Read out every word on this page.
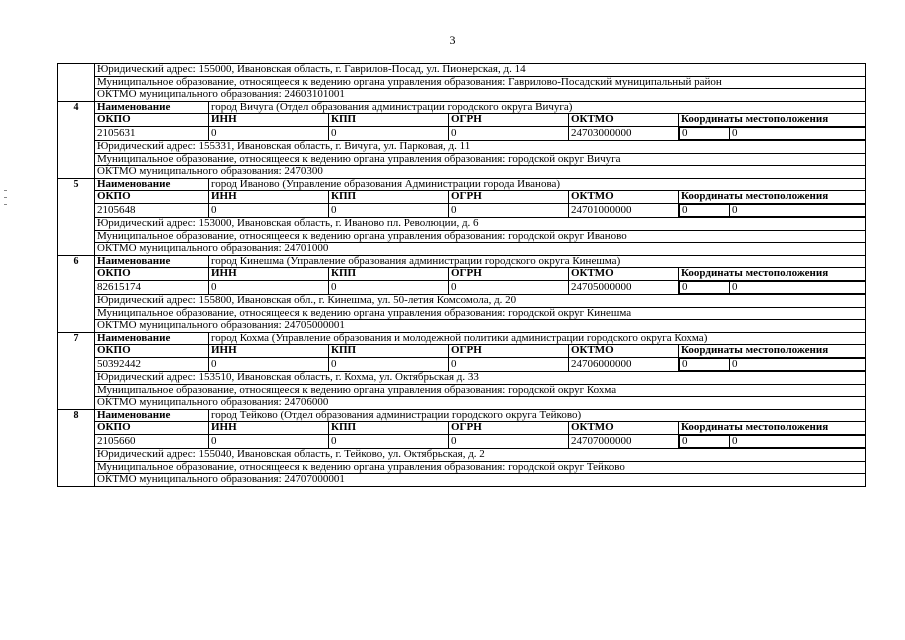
3
	Юридический адрес: 155000, Ивановская область, г. Гаврилов-Посад, ул. Пионерская, д. 14
Муниципальное образование, относящееся к ведению органа управления образования: Гаврилово-Посадский муниципальный район
ОКТМО муниципального образования: 24603101001
4	Наименование	город Вичуга (Отдел образования администрации городского округа Вичуга)
ОКПО	ИНН	КПП	ОГРН	ОКТМО	Координаты местоположения
2105631	0	0	0	24703000000		0	0

Юридический адрес: 155331, Ивановская область, г. Вичуга, ул. Парковая, д. 11
Муниципальное образование, относящееся к ведению органа управления образования: городской округ Вичуга
ОКТМО муниципального образования: 2470300
5	Наименование	город Иваново (Управление образования Администрации города Иванова)
ОКПО	ИНН	КПП	ОГРН	ОКТМО	Координаты местоположения
2105648	0	0	0	24701000000		0	0

Юридический адрес: 153000, Ивановская область, г. Иваново пл. Революции, д. 6
Муниципальное образование, относящееся к ведению органа управления образования: городской округ Иваново
ОКТМО муниципального образования: 24701000
6	Наименование	город Кинешма (Управление образования администрации городского округа Кинешма)
ОКПО	ИНН	КПП	ОГРН	ОКТМО	Координаты местоположения
82615174	0	0	0	24705000000		0	0

Юридический адрес: 155800, Ивановская обл., г. Кинешма, ул. 50-летия Комсомола, д. 20
Муниципальное образование, относящееся к ведению органа управления образования: городской округ Кинешма
ОКТМО муниципального образования: 24705000001
7	Наименование	город Кохма (Управление образования и молодежной политики администрации городского округа Кохма)
ОКПО	ИНН	КПП	ОГРН	ОКТМО	Координаты местоположения
50392442	0	0	0	24706000000		0	0

Юридический адрес: 153510, Ивановская область, г. Кохма, ул. Октябрьская д. 33
Муниципальное образование, относящееся к ведению органа управления образования: городской округ Кохма
ОКТМО муниципального образования: 24706000
8	Наименование	город Тейково (Отдел образования администрации городского округа Тейково)
ОКПО	ИНН	КПП	ОГРН	ОКТМО	Координаты местоположения
2105660	0	0	0	24707000000		0	0

Юридический адрес: 155040, Ивановская область, г. Тейково, ул. Октябрьская, д. 2
Муниципальное образование, относящееся к ведению органа управления образования: городской округ Тейково
ОКТМО муниципального образования: 24707000001
